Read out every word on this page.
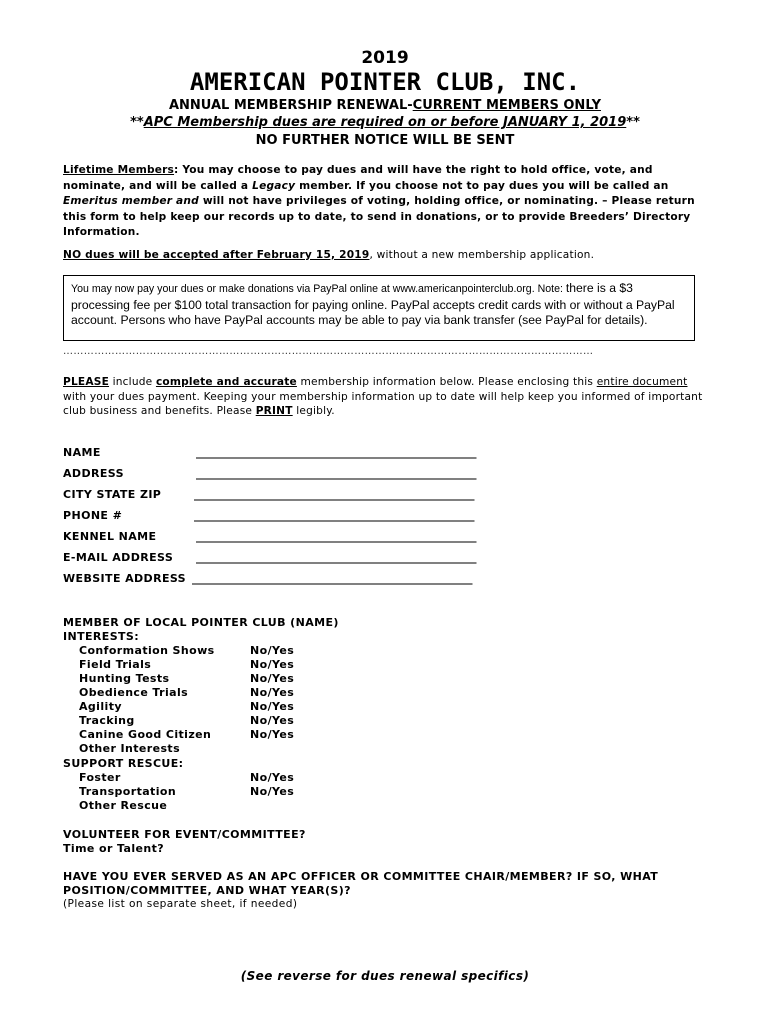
2019
AMERICAN POINTER CLUB, INC.
ANNUAL MEMBERSHIP RENEWAL-CURRENT MEMBERS ONLY
**APC Membership dues are required on or before JANUARY 1, 2019**
NO FURTHER NOTICE WILL BE SENT
Lifetime Members: You may choose to pay dues and will have the right to hold office, vote, and nominate, and will be called a Legacy member. If you choose not to pay dues you will be called an Emeritus member and will not have privileges of voting, holding office, or nominating. – Please return this form to help keep our records up to date, to send in donations, or to provide Breeders’ Directory Information.
NO dues will be accepted after February 15, 2019, without a new membership application.
You may now pay your dues or make donations via PayPal online at www.americanpointerclub.org. Note: there is a $3 processing fee per $100 total transaction for paying online. PayPal accepts credit cards with or without a PayPal account. Persons who have PayPal accounts may be able to pay via bank transfer (see PayPal for details).
………………………………………………………………………………………………………………………………………
PLEASE include complete and accurate membership information below. Please enclosing this entire document with your dues payment. Keeping your membership information up to date will help keep you informed of important club business and benefits. Please PRINT legibly.
NAME	___________________________________________________
ADDRESS	___________________________________________________
CITY STATE ZIP	___________________________________________________
PHONE #	___________________________________________________
KENNEL NAME	___________________________________________________
E-MAIL ADDRESS ___________________________________________________
WEBSITE ADDRESS ___________________________________________________
MEMBER OF LOCAL POINTER CLUB (NAME)
INTERESTS:
Conformation Shows	No/Yes
Field Trials	No/Yes
Hunting Tests	No/Yes
Obedience Trials	No/Yes
Agility	No/Yes
Tracking	No/Yes
Canine Good Citizen	No/Yes
Other Interests
SUPPORT RESCUE:
Foster	No/Yes
Transportation	No/Yes
Other Rescue
VOLUNTEER FOR EVENT/COMMITTEE?
Time or Talent?
HAVE YOU EVER SERVED AS AN APC OFFICER OR COMMITTEE CHAIR/MEMBER? IF SO, WHAT POSITION/COMMITTEE, AND WHAT YEAR(S)?
(Please list on separate sheet, if needed)
(See reverse for dues renewal specifics)
